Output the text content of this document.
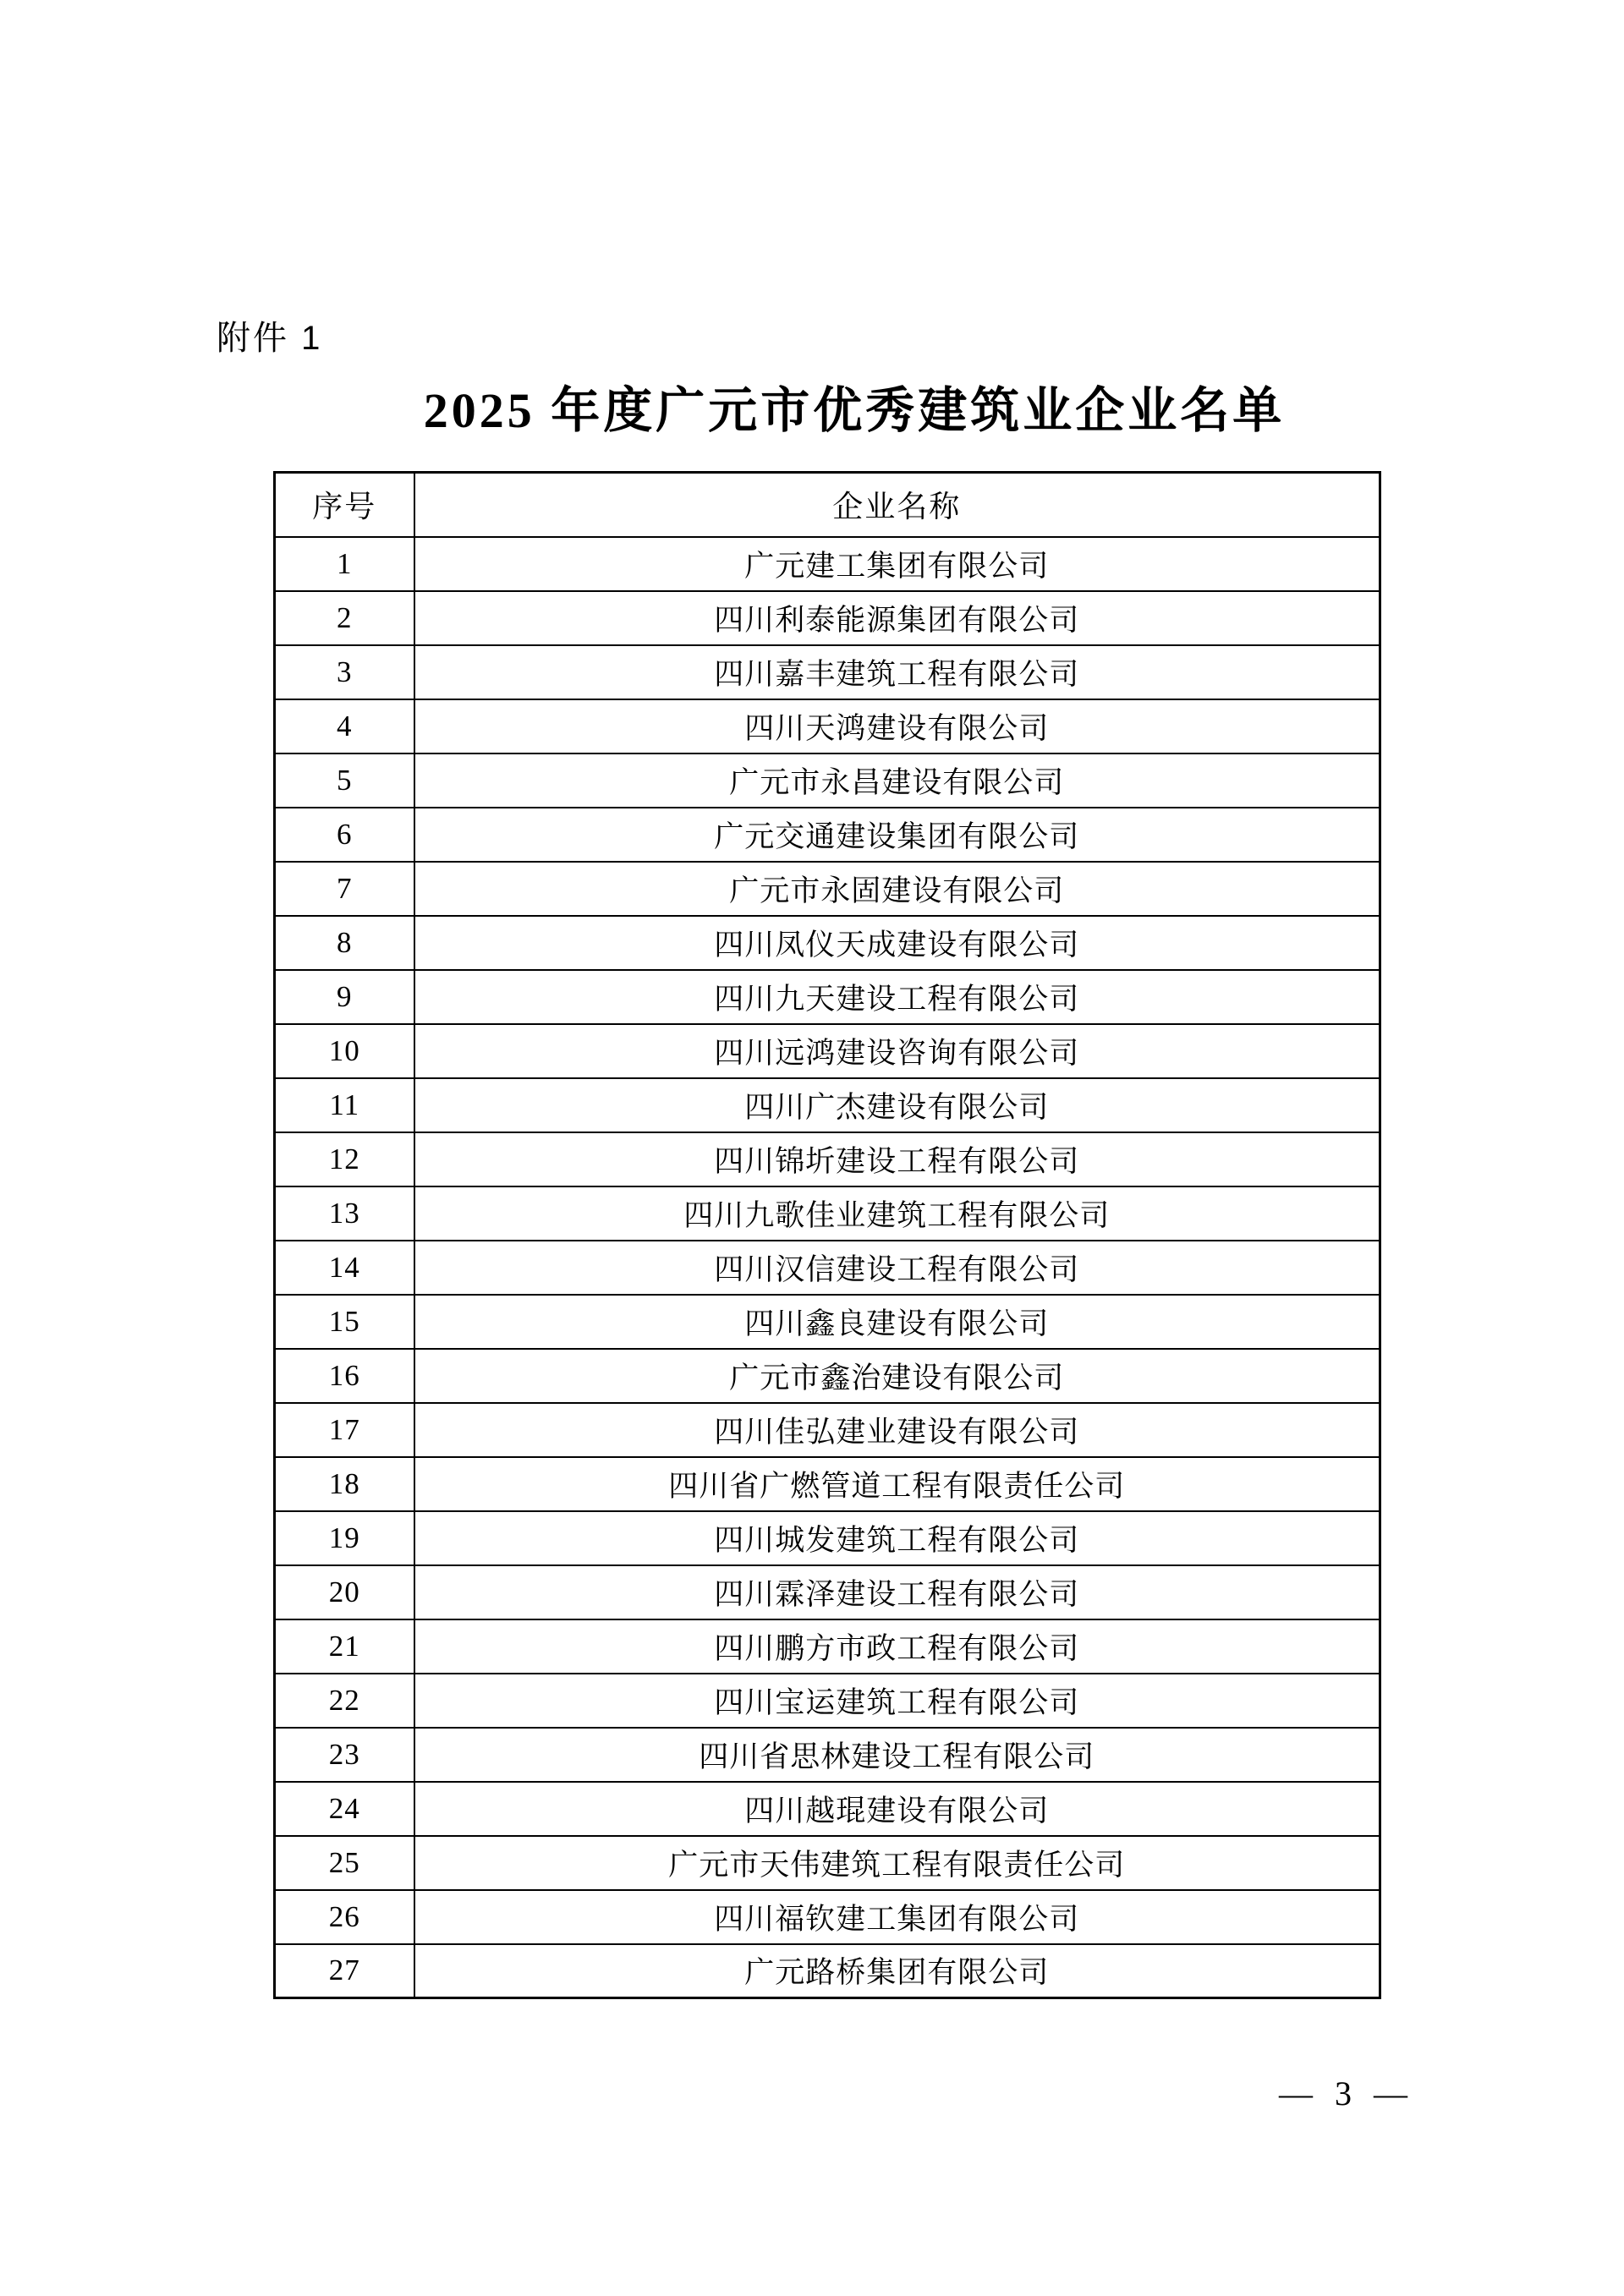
附件 1
2025 年度广元市优秀建筑业企业名单
序号	企业名称
1	广元建工集团有限公司
2	四川利泰能源集团有限公司
3	四川嘉丰建筑工程有限公司
4	四川天鸿建设有限公司
5	广元市永昌建设有限公司
6	广元交通建设集团有限公司
7	广元市永固建设有限公司
8	四川凤仪天成建设有限公司
9	四川九天建设工程有限公司
10	四川远鸿建设咨询有限公司
11	四川广杰建设有限公司
12	四川锦圻建设工程有限公司
13	四川九歌佳业建筑工程有限公司
14	四川汉信建设工程有限公司
15	四川鑫良建设有限公司
16	广元市鑫治建设有限公司
17	四川佳弘建业建设有限公司
18	四川省广燃管道工程有限责任公司
19	四川城发建筑工程有限公司
20	四川霖泽建设工程有限公司
21	四川鹏方市政工程有限公司
22	四川宝运建筑工程有限公司
23	四川省思林建设工程有限公司
24	四川越琨建设有限公司
25	广元市天伟建筑工程有限责任公司
26	四川福钦建工集团有限公司
27	广元路桥集团有限公司
— 3 —
